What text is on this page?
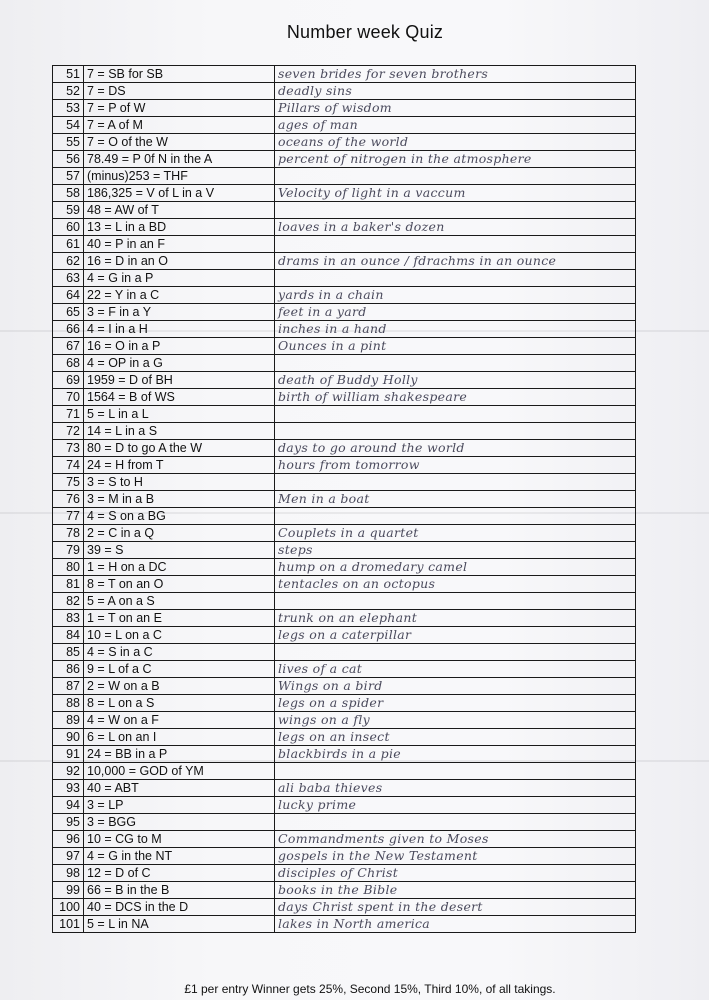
Number week Quiz
51	7 = SB for SB	seven brides for seven brothers
52	7 = DS	deadly sins
53	7 = P of W	Pillars of wisdom
54	7 = A of M	ages of man
55	7 = O of the W	oceans of the world
56	78.49 = P 0f N in the A	percent of nitrogen in the atmosphere
57	(minus)253 = THF	
58	186,325 = V of L in a V	Velocity of light in a vaccum
59	48 = AW of T	
60	13 = L in a BD	loaves in a baker's dozen
61	40 = P in an F	
62	16 = D in an O	drams in an ounce / fdrachms in an ounce
63	4 = G in a P	
64	22 = Y in a C	yards in a chain
65	3 = F in a Y	feet in a yard
66	4 = I in a H	inches in a hand
67	16 = O in a P	Ounces in a pint
68	4 = OP in a G	
69	1959 = D of BH	death of Buddy Holly
70	1564 = B of WS	birth of william shakespeare
71	5 = L in a L	
72	14 = L in a S	
73	80 = D to go A the W	days to go around the world
74	24 = H from T	hours from tomorrow
75	3 = S to H	
76	3 = M in a B	Men in a boat
77	4 = S on a BG	
78	2 = C in a Q	Couplets in a quartet
79	39 = S	steps
80	1 = H on a DC	hump on a dromedary camel
81	8 = T on an O	tentacles on an octopus
82	5 = A on a S	
83	1 = T on an E	trunk on an elephant
84	10 = L on a C	legs on a caterpillar
85	4 = S in a C	
86	9 = L of a C	lives of a cat
87	2 = W on a B	Wings on a bird
88	8 = L on a S	legs on a spider
89	4 = W on a F	wings on a fly
90	6 = L on an I	legs on an insect
91	24 = BB in a P	blackbirds in a pie
92	10,000 = GOD of YM	
93	40 = ABT	ali baba thieves
94	3 = LP	lucky prime
95	3 = BGG	
96	10 = CG to M	Commandments given to Moses
97	4 = G in the NT	gospels in the New Testament
98	12 = D of C	disciples of Christ
99	66 = B in the B	books in the Bible
100	40 = DCS in the D	days Christ spent in the desert
101	5 = L in NA	lakes in North america
£1 per entry Winner gets 25%, Second 15%, Third 10%, of all takings.
